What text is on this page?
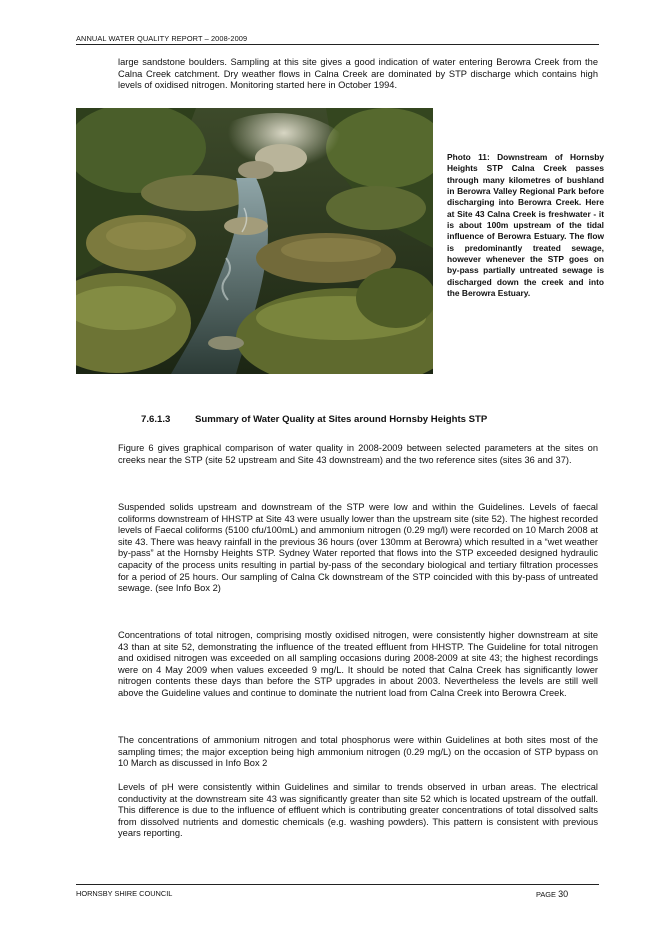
ANNUAL WATER QUALITY REPORT – 2008-2009

large sandstone boulders. Sampling at this site gives a good indication of water entering Berowra Creek from the Calna Creek catchment. Dry weather flows in Calna Creek are dominated by STP discharge which contains high levels of oxidised nitrogen. Monitoring started here in October 1994.

Photo 11: Downstream of Hornsby Heights STP Calna Creek passes through many kilometres of bushland in Berowra Valley Regional Park before discharging into Berowra Creek. Here at Site 43 Calna Creek is freshwater - it is about 100m upstream of the tidal influence of Berowra Estuary. The flow is predominantly treated sewage, however whenever the STP goes on by-pass partially untreated sewage is discharged down the creek and into the Berowra Estuary.

7.6.1.3	Summary of Water Quality at Sites around Hornsby Heights STP

Figure 6 gives graphical comparison of water quality in 2008-2009 between selected parameters at the sites on creeks near the STP (site 52 upstream and Site 43 downstream) and the two reference sites (sites 36 and 37).

Suspended solids upstream and downstream of the STP were low and within the Guidelines. Levels of faecal coliforms downstream of HHSTP at Site 43 were usually lower than the upstream site (site 52). The highest recorded levels of Faecal coliforms (5100 cfu/100mL) and ammonium nitrogen (0.29 mg/l) were recorded on 10 March 2008 at site 43. There was heavy rainfall in the previous 36 hours (over 130mm at Berowra) which resulted in a “wet weather by-pass” at the Hornsby Heights STP. Sydney Water reported that flows into the STP exceeded designed hydraulic capacity of the process units resulting in partial by-pass of the secondary biological and tertiary filtration processes for a period of 25 hours. Our sampling of Calna Ck downstream of the STP coincided with this by-pass of untreated sewage. (see Info Box 2)

Concentrations of total nitrogen, comprising mostly oxidised nitrogen, were consistently higher downstream at site 43 than at site 52, demonstrating the influence of the treated effluent from HHSTP. The Guideline for total nitrogen and oxidised nitrogen was exceeded on all sampling occasions during 2008-2009 at site 43; the highest recordings were on 4 May 2009 when values exceeded 9 mg/L. It should be noted that Calna Creek has significantly lower nitrogen contents these days than before the STP upgrades in about 2003. Nevertheless the levels are still well above the Guideline values and continue to dominate the nutrient load from Calna Creek into Berowra Creek.

The concentrations of ammonium nitrogen and total phosphorus were within Guidelines at both sites most of the sampling times; the major exception being high ammonium nitrogen (0.29 mg/L) on the occasion of STP bypass on 10 March as discussed in Info Box 2

Levels of pH were consistently within Guidelines and similar to trends observed in urban areas. The electrical conductivity at the downstream site 43 was significantly greater than site 52 which is located upstream of the outfall. This difference is due to the influence of effluent which is contributing greater concentrations of total dissolved salts from dissolved nutrients and domestic chemicals (e.g. washing powders). This pattern is consistent with previous years reporting.

HORNSBY SHIRE COUNCIL	PAGE 30
